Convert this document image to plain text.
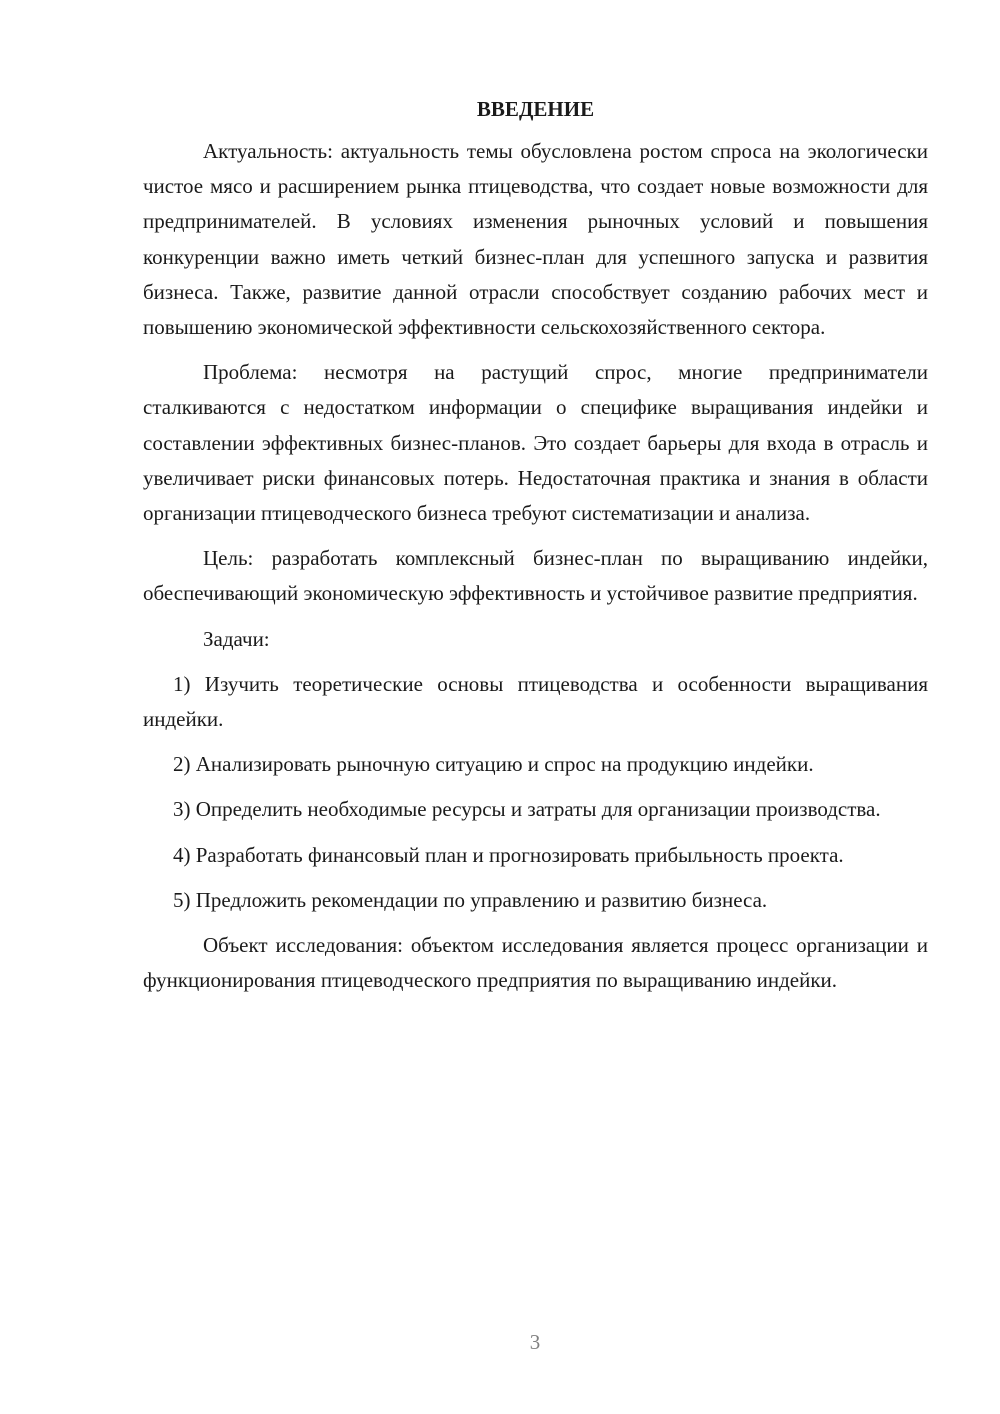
ВВЕДЕНИЕ

Актуальность: актуальность темы обусловлена ростом спроса на экологически чистое мясо и расширением рынка птицеводства, что создает новые возможности для предпринимателей. В условиях изменения рыночных условий и повышения конкуренции важно иметь четкий бизнес-план для успешного запуска и развития бизнеса. Также, развитие данной отрасли способствует созданию рабочих мест и повышению экономической эффективности сельскохозяйственного сектора.

Проблема: несмотря на растущий спрос, многие предприниматели сталкиваются с недостатком информации о специфике выращивания индейки и составлении эффективных бизнес-планов. Это создает барьеры для входа в отрасль и увеличивает риски финансовых потерь. Недостаточная практика и знания в области организации птицеводческого бизнеса требуют систематизации и анализа.

Цель: разработать комплексный бизнес-план по выращиванию индейки, обеспечивающий экономическую эффективность и устойчивое развитие предприятия.

Задачи:

1) Изучить теоретические основы птицеводства и особенности выращивания индейки.

2) Анализировать рыночную ситуацию и спрос на продукцию индейки.

3) Определить необходимые ресурсы и затраты для организации производства.

4) Разработать финансовый план и прогнозировать прибыльность проекта.

5) Предложить рекомендации по управлению и развитию бизнеса.

Объект исследования: объектом исследования является процесс организации и функционирования птицеводческого предприятия по выращиванию индейки.

3
